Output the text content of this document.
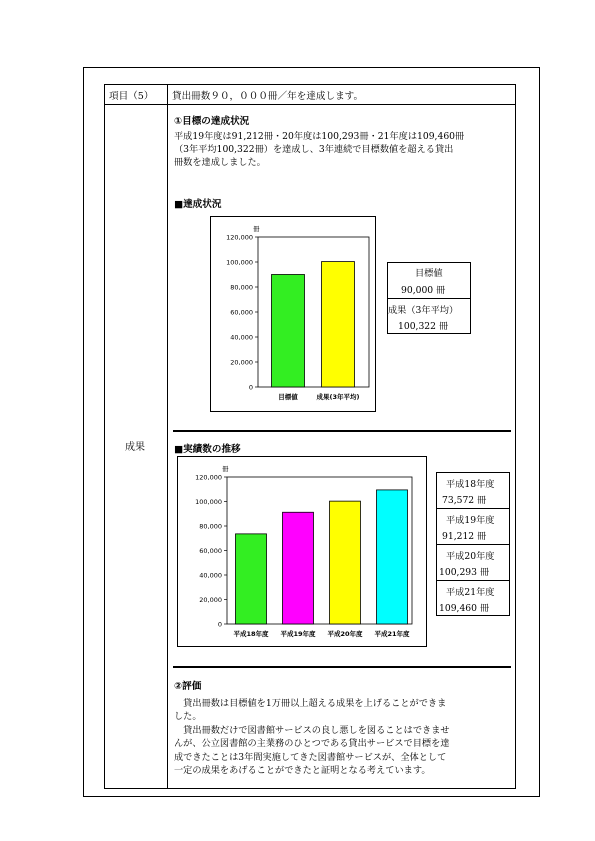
項目（5） 貸出冊数９０，０００冊／年を達成します。
成果
①目標の達成状況
平成19年度は91,212冊・20年度は100,293冊・21年度は109,460冊
（3年平均100,322冊）を達成し、3年連続で目標数値を超える貸出
冊数を達成しました。
■達成状況
冊
0
20,000
40,000
60,000
80,000
100,000
120,000
目標値	成果(3年平均)
目標値
90,000 冊
成果（3年平均）
100,322 冊
■実績数の推移
冊
0
20,000
40,000
60,000
80,000
100,000
120,000
平成18年度 平成19年度 平成20年度 平成21年度
平成18年度
73,572 冊
平成19年度
91,212 冊
平成20年度
100,293 冊
平成21年度
109,460 冊
②評価
　貸出冊数は目標値を1万冊以上超える成果を上げることができま
した。
　貸出冊数だけで図書館サービスの良し悪しを図ることはできませ
んが、公立図書館の主業務のひとつである貸出サービスで目標を達
成できたことは3年間実施してきた図書館サービスが、全体として
一定の成果をあげることができたと証明となる考えています。
